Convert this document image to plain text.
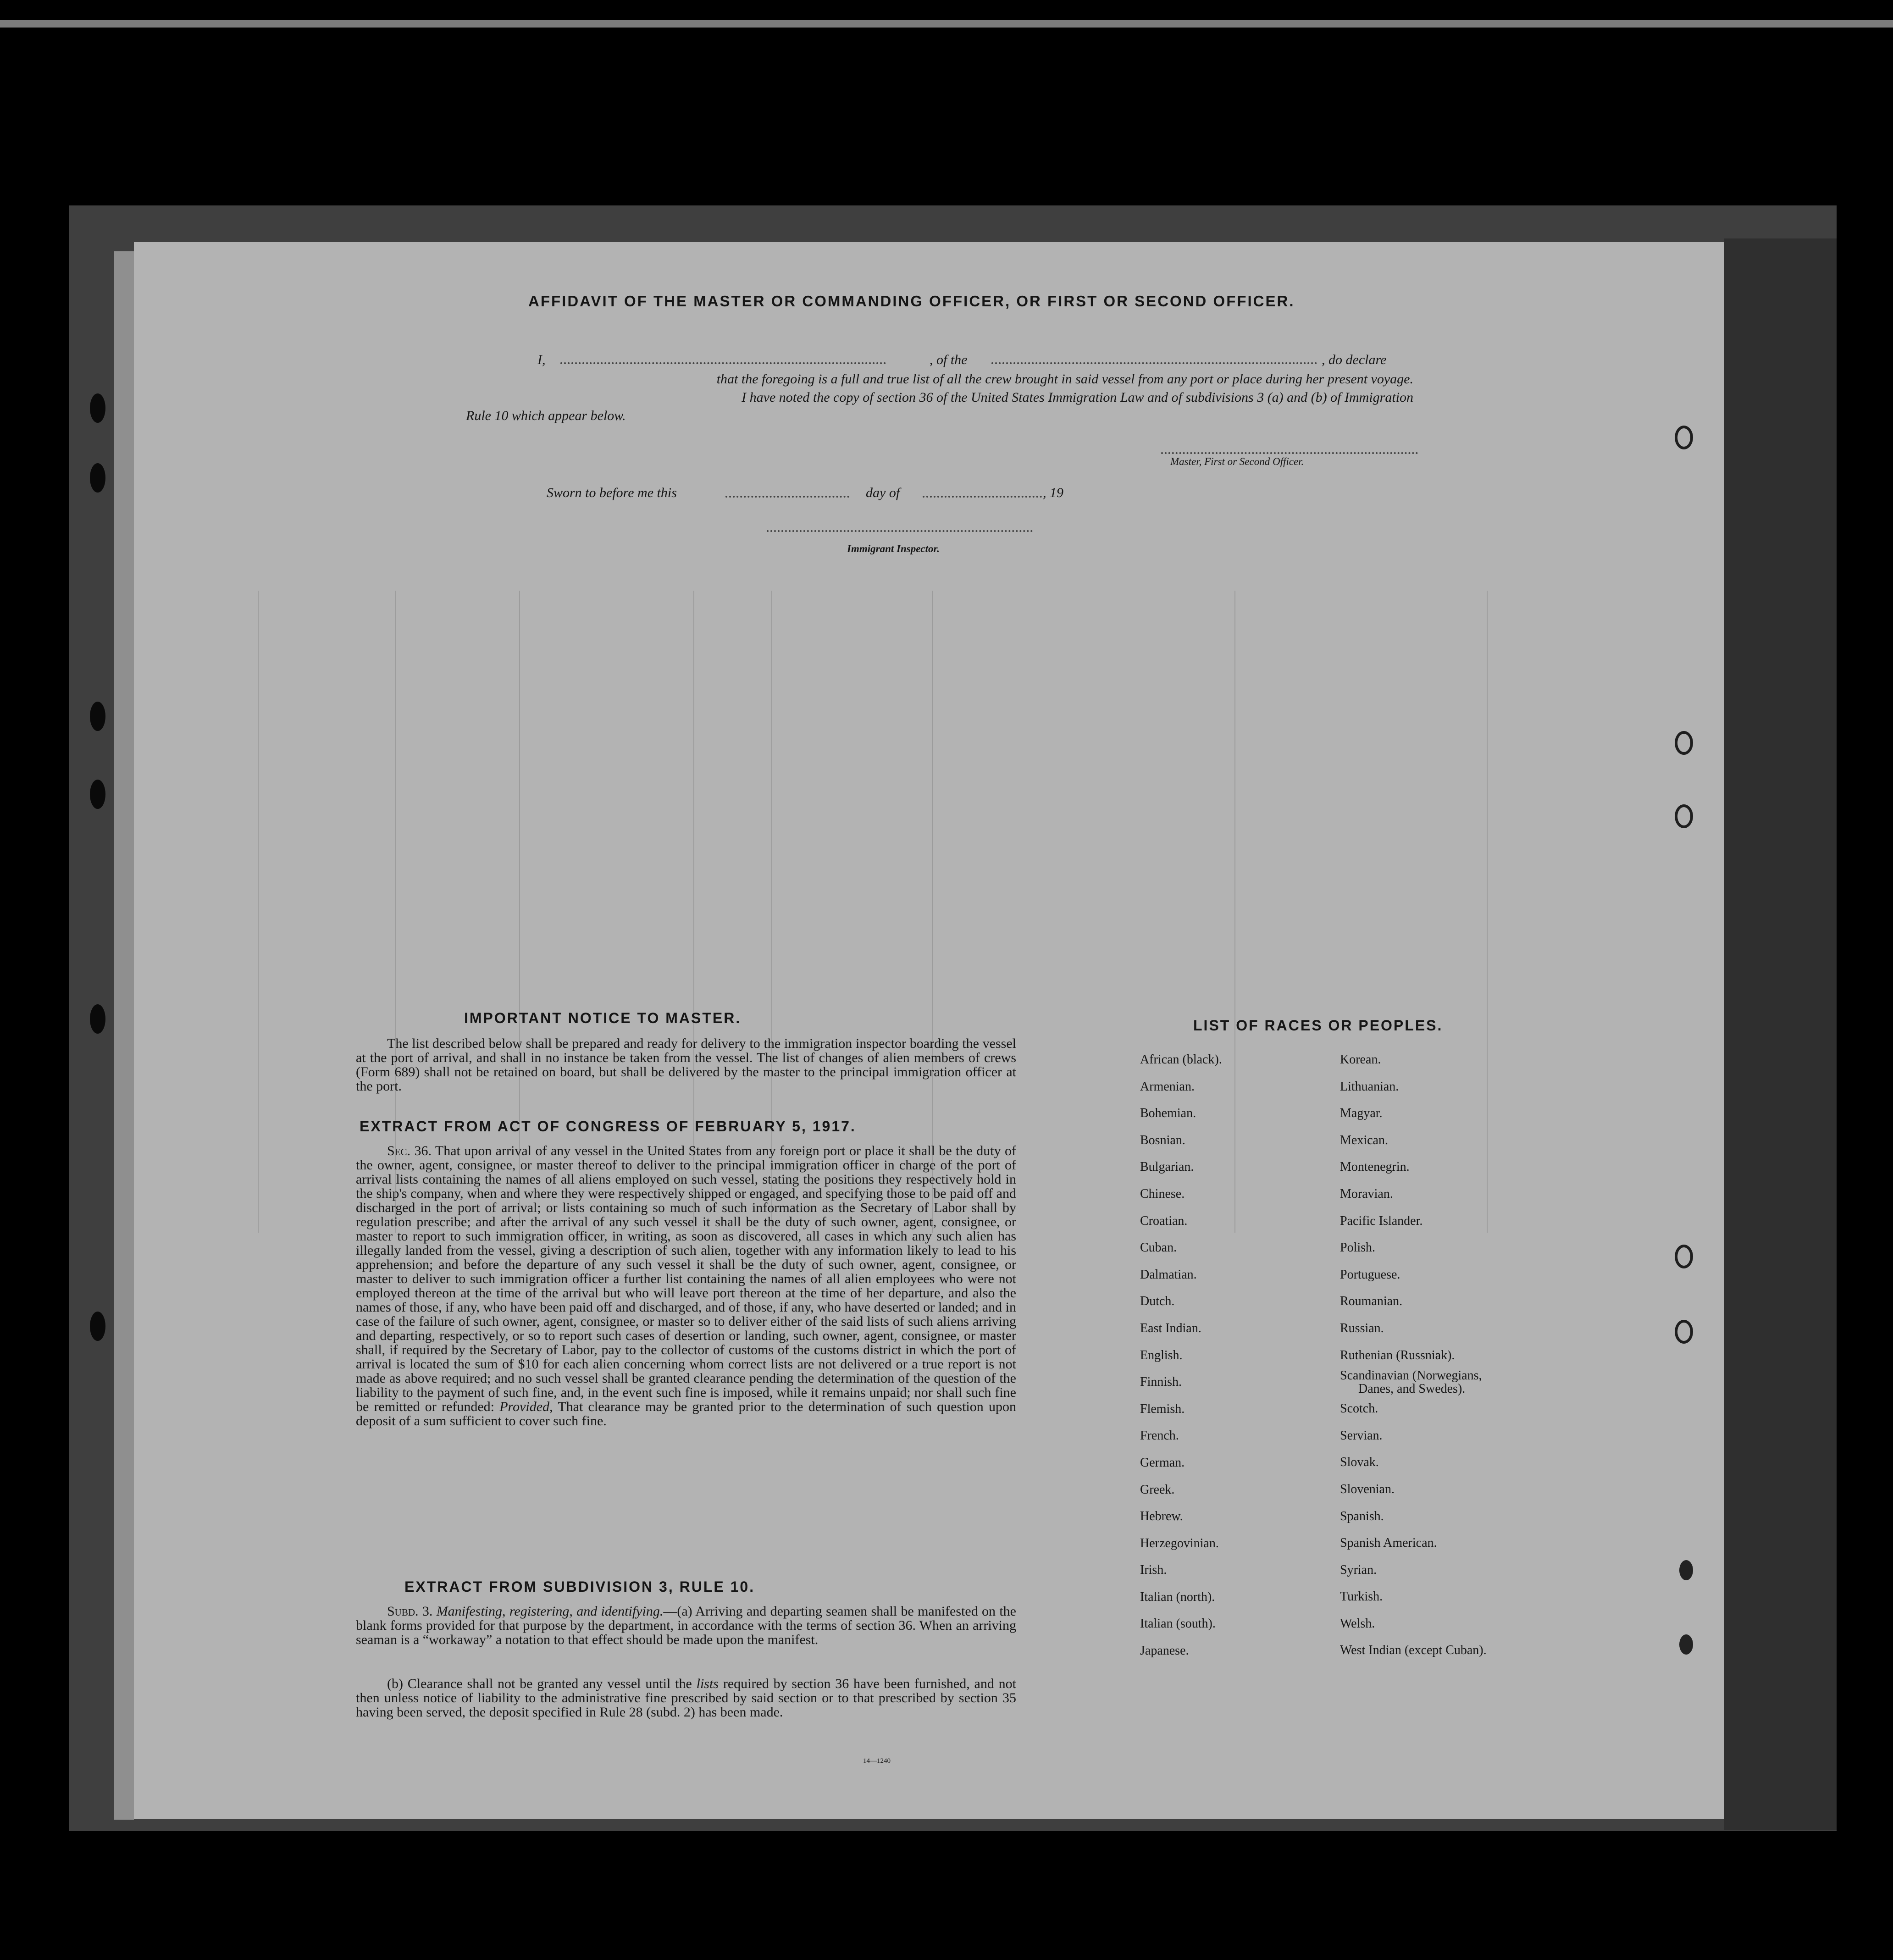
AFFIDAVIT OF THE MASTER OR COMMANDING OFFICER, OR FIRST OR SECOND OFFICER.
I,	, of the	, do declare
that the foregoing is a full and true list of all the crew brought in said vessel from any port or place during her present voyage.
I have noted the copy of section 36 of the United States Immigration Law and of subdivisions 3 (a) and (b) of Immigration
Rule 10 which appear below.
Master, First or Second Officer.
Sworn to before me this	day of	, 19
Immigrant Inspector.
IMPORTANT NOTICE TO MASTER.
The list described below shall be prepared and ready for delivery to the immigration inspector boarding the vessel at the port of arrival, and shall in no instance be taken from the vessel. The list of changes of alien members of crews (Form 689) shall not be retained on board, but shall be delivered by the master to the principal immigration officer at the port.
EXTRACT FROM ACT OF CONGRESS OF FEBRUARY 5, 1917.
Sec. 36. That upon arrival of any vessel in the United States from any foreign port or place it shall be the duty of the owner, agent, consignee, or master thereof to deliver to the principal immigration officer in charge of the port of arrival lists containing the names of all aliens employed on such vessel, stating the positions they respectively hold in the ship's company, when and where they were respectively shipped or engaged, and specifying those to be paid off and discharged in the port of arrival; or lists containing so much of such information as the Secretary of Labor shall by regulation prescribe; and after the arrival of any such vessel it shall be the duty of such owner, agent, consignee, or master to report to such immigration officer, in writing, as soon as discovered, all cases in which any such alien has illegally landed from the vessel, giving a description of such alien, together with any information likely to lead to his apprehension; and before the departure of any such vessel it shall be the duty of such owner, agent, consignee, or master to deliver to such immigration officer a further list containing the names of all alien employees who were not employed thereon at the time of the arrival but who will leave port thereon at the time of her departure, and also the names of those, if any, who have been paid off and discharged, and of those, if any, who have deserted or landed; and in case of the failure of such owner, agent, consignee, or master so to deliver either of the said lists of such aliens arriving and departing, respectively, or so to report such cases of desertion or landing, such owner, agent, consignee, or master shall, if required by the Secretary of Labor, pay to the collector of customs of the customs district in which the port of arrival is located the sum of $10 for each alien concerning whom correct lists are not delivered or a true report is not made as above required; and no such vessel shall be granted clearance pending the determination of the question of the liability to the payment of such fine, and, in the event such fine is imposed, while it remains unpaid; nor shall such fine be remitted or refunded: Provided, That clearance may be granted prior to the determination of such question upon deposit of a sum sufficient to cover such fine.
EXTRACT FROM SUBDIVISION 3, RULE 10.
Subd. 3. Manifesting, registering, and identifying.—(a) Arriving and departing seamen shall be manifested on the blank forms provided for that purpose by the department, in accordance with the terms of section 36. When an arriving seaman is a “workaway” a notation to that effect should be made upon the manifest.
(b) Clearance shall not be granted any vessel until the lists required by section 36 have been furnished, and not then unless notice of liability to the administrative fine prescribed by said section or to that prescribed by section 35 having been served, the deposit specified in Rule 28 (subd. 2) has been made.
14—1240
LIST OF RACES OR PEOPLES.
African (black).
Armenian.
Bohemian.
Bosnian.
Bulgarian.
Chinese.
Croatian.
Cuban.
Dalmatian.
Dutch.
East Indian.
English.
Finnish.
Flemish.
French.
German.
Greek.
Hebrew.
Herzegovinian.
Irish.
Italian (north).
Italian (south).
Japanese.
Korean.
Lithuanian.
Magyar.
Mexican.
Montenegrin.
Moravian.
Pacific Islander.
Polish.
Portuguese.
Roumanian.
Russian.
Ruthenian (Russniak).
Scandinavian (Norwegians,
Danes, and Swedes).
Scotch.
Servian.
Slovak.
Slovenian.
Spanish.
Spanish American.
Syrian.
Turkish.
Welsh.
West Indian (except Cuban).
